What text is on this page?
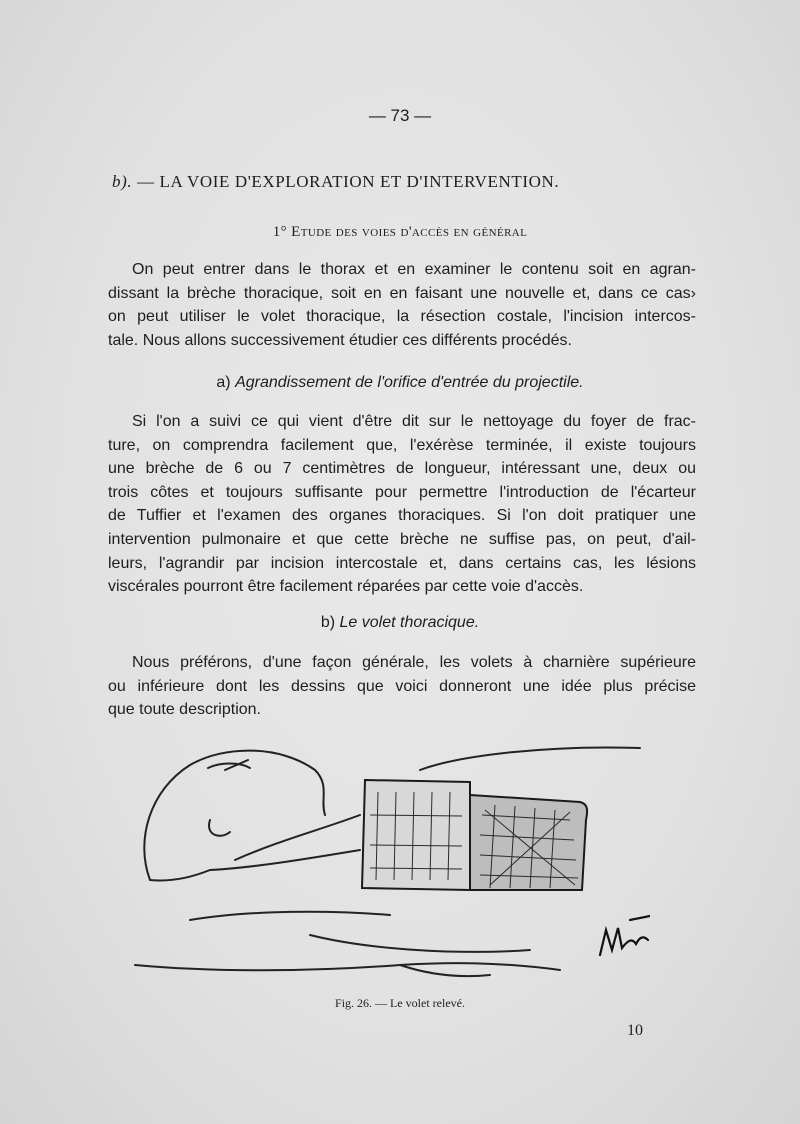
— 73 —
b). — LA VOIE D'EXPLORATION ET D'INTERVENTION.
1° Etude des voies d'accès en général
On peut entrer dans le thorax et en examiner le contenu soit en agran-
dissant la brèche thoracique, soit en en faisant une nouvelle et, dans ce cas›
on peut utiliser le volet thoracique, la résection costale, l'incision intercos-
tale. Nous allons successivement étudier ces différents procédés.
a) Agrandissement de l'orifice d'entrée du projectile.
Si l'on a suivi ce qui vient d'être dit sur le nettoyage du foyer de frac-
ture, on comprendra facilement que, l'exérèse terminée, il existe toujours
une brèche de 6 ou 7 centimètres de longueur, intéressant une, deux ou
trois côtes et toujours suffisante pour permettre l'introduction de l'écarteur
de Tuffier et l'examen des organes thoraciques. Si l'on doit pratiquer une
intervention pulmonaire et que cette brèche ne suffise pas, on peut, d'ail-
leurs, l'agrandir par incision intercostale et, dans certains cas, les lésions
viscérales pourront être facilement réparées par cette voie d'accès.
b) Le volet thoracique.
Nous préférons, d'une façon générale, les volets à charnière supérieure
ou inférieure dont les dessins que voici donneront une idée plus précise
que toute description.
Fig. 26. — Le volet relevé.
10
